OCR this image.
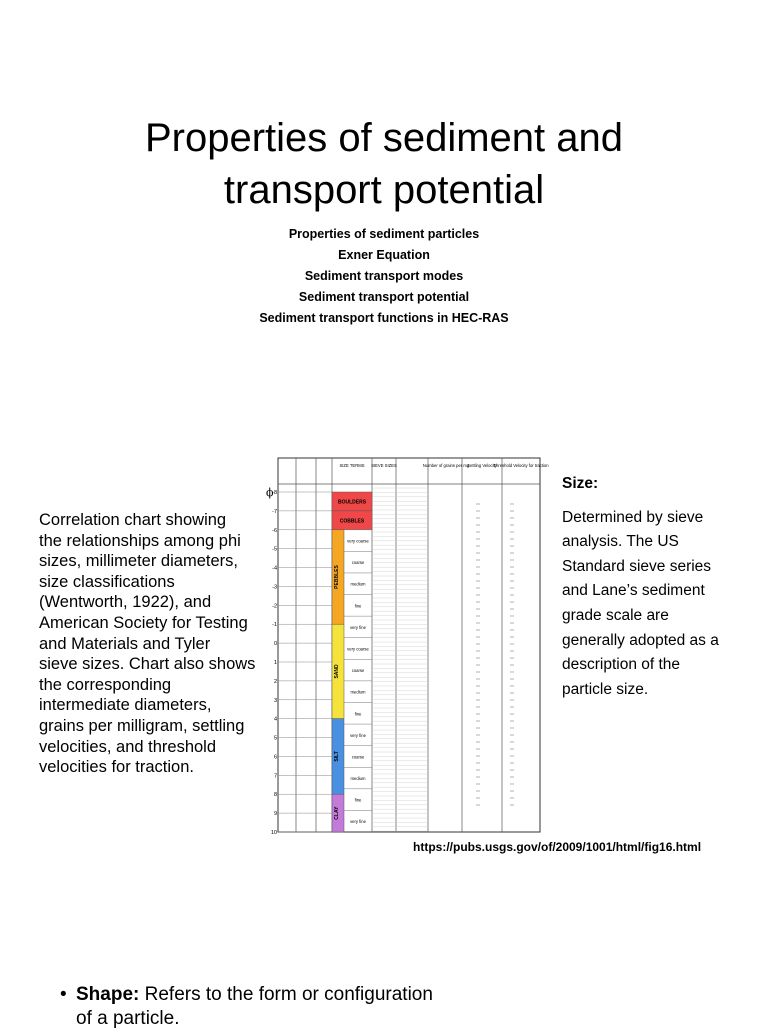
Properties of sediment and
transport potential
Properties of sediment particles
Exner Equation
Sediment transport modes
Sediment transport potential
Sediment transport functions in HEC-RAS
Correlation chart showing
the relationships among phi
sizes, millimeter diameters,
size classifications
(Wentworth, 1922), and
American Society for Testing
and Materials and Tyler
sieve sizes. Chart also shows
the corresponding
intermediate diameters,
grains per milligram, settling
velocities, and threshold
velocities for traction.
ϕ
SIZE TERMS SIEVE SIZES	Number of grains per mg
Settling Velocity
Threshold Velocity for traction
-8
-7
-6
-5
-4
-3
-2
-1
0
1
2
3
4
5
6
7
8
9
10
BOULDERS
COBBLES
PEBBLES
SAND
SILT
CLAY
very coarse
coarse
medium
fine
very fine
very coarse
coarse
medium
fine
very fine
coarse
medium
fine
very fine
Size:
Determined by sieve
analysis. The US
Standard sieve series
and Lane’s sediment
grade scale are
generally adopted as a
description of the
particle size.
https://pubs.usgs.gov/of/2009/1001/html/fig16.html
• Shape: Refers to the form or configuration
of a particle.
